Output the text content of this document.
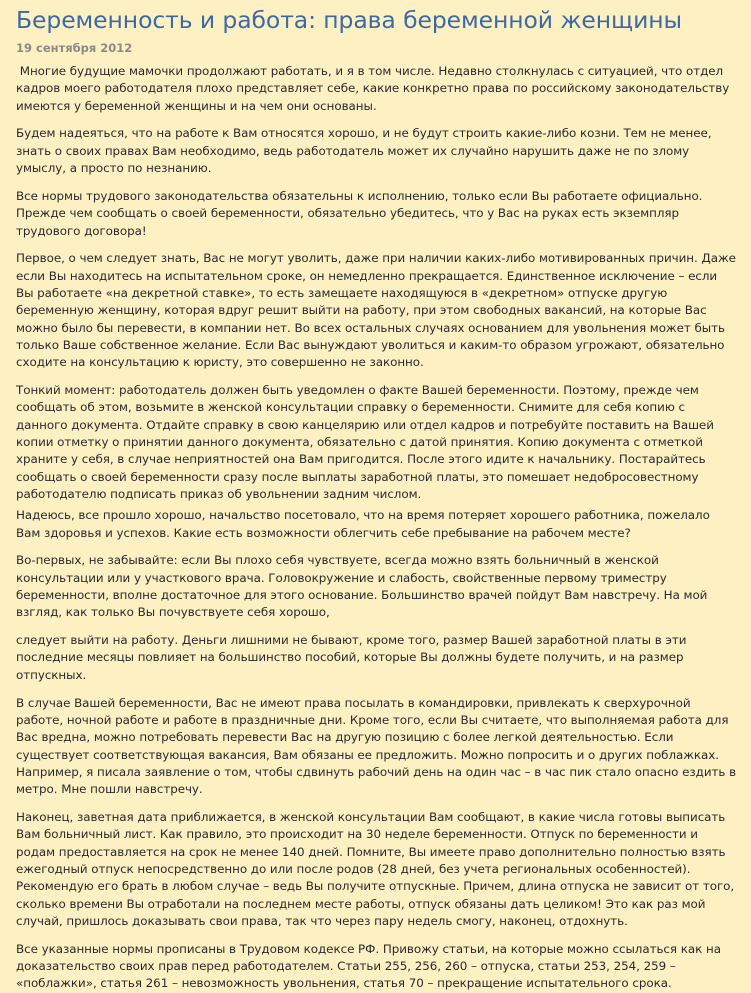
Беременность и работа: права беременной женщины
19 сентября 2012

Многие будущие мамочки продолжают работать, и я в том числе. Недавно столкнулась с ситуацией, что отдел кадров моего работодателя плохо представляет себе, какие конкретно права по российскому законодательству имеются у беременной женщины и на чем они основаны.

Будем надеяться, что на работе к Вам относятся хорошо, и не будут строить какие-либо козни. Тем не менее, знать о своих правах Вам необходимо, ведь работодатель может их случайно нарушить даже не по злому умыслу, а просто по незнанию.

Все нормы трудового законодательства обязательны к исполнению, только если Вы работаете официально. Прежде чем сообщать о своей беременности, обязательно убедитесь, что у Вас на руках есть экземпляр трудового договора!

Первое, о чем следует знать, Вас не могут уволить, даже при наличии каких-либо мотивированных причин. Даже если Вы находитесь на испытательном сроке, он немедленно прекращается. Единственное исключение – если Вы работаете «на декретной ставке», то есть замещаете находящуюся в «декретном» отпуске другую беременную женщину, которая вдруг решит выйти на работу, при этом свободных вакансий, на которые Вас можно было бы перевести, в компании нет. Во всех остальных случаях основанием для увольнения может быть только Ваше собственное желание. Если Вас вынуждают уволиться и каким-то образом угрожают, обязательно сходите на консультацию к юристу, это совершенно не законно.

Тонкий момент: работодатель должен быть уведомлен о факте Вашей беременности. Поэтому, прежде чем сообщать об этом, возьмите в женской консультации справку о беременности. Снимите для себя копию с данного документа. Отдайте справку в свою канцелярию или отдел кадров и потребуйте поставить на Вашей копии отметку о принятии данного документа, обязательно с датой принятия. Копию документа с отметкой храните у себя, в случае неприятностей она Вам пригодится. После этого идите к начальнику. Постарайтесь сообщать о своей беременности сразу после выплаты заработной платы, это помешает недобросовестному работодателю подписать приказ об увольнении задним числом.

Надеюсь, все прошло хорошо, начальство посетовало, что на время потеряет хорошего работника, пожелало Вам здоровья и успехов. Какие есть возможности облегчить себе пребывание на рабочем месте?

Во-первых, не забывайте: если Вы плохо себя чувствуете, всегда можно взять больничный в женской консультации или у участкового врача. Головокружение и слабость, свойственные первому триместру беременности, вполне достаточное для этого основание. Большинство врачей пойдут Вам навстречу. На мой взгляд, как только Вы почувствуете себя хорошо,

следует выйти на работу. Деньги лишними не бывают, кроме того, размер Вашей заработной платы в эти последние месяцы повлияет на большинство пособий, которые Вы должны будете получить, и на размер отпускных.

В случае Вашей беременности, Вас не имеют права посылать в командировки, привлекать к сверхурочной работе, ночной работе и работе в праздничные дни. Кроме того, если Вы считаете, что выполняемая работа для Вас вредна, можно потребовать перевести Вас на другую позицию с более легкой деятельностью. Если существует соответствующая вакансия, Вам обязаны ее предложить. Можно попросить и о других поблажках. Например, я писала заявление о том, чтобы сдвинуть рабочий день на один час – в час пик стало опасно ездить в метро. Мне пошли навстречу.

Наконец, заветная дата приближается, в женской консультации Вам сообщают, в какие числа готовы выписать Вам больничный лист. Как правило, это происходит на 30 неделе беременности. Отпуск по беременности и родам предоставляется на срок не менее 140 дней. Помните, Вы имеете право дополнительно полностью взять ежегодный отпуск непосредственно до или после родов (28 дней, без учета региональных особенностей). Рекомендую его брать в любом случае – ведь Вы получите отпускные. Причем, длина отпуска не зависит от того, сколько времени Вы отработали на последнем месте работы, отпуск обязаны дать целиком! Это как раз мой случай, пришлось доказывать свои права, так что через пару недель смогу, наконец, отдохнуть.

Все указанные нормы прописаны в Трудовом кодексе РФ. Привожу статьи, на которые можно ссылаться как на доказательство своих прав перед работодателем. Статьи 255, 256, 260 – отпуска, статьи 253, 254, 259 – «поблажки», статья 261 – невозможность увольнения, статья 70 – прекращение испытательного срока.
